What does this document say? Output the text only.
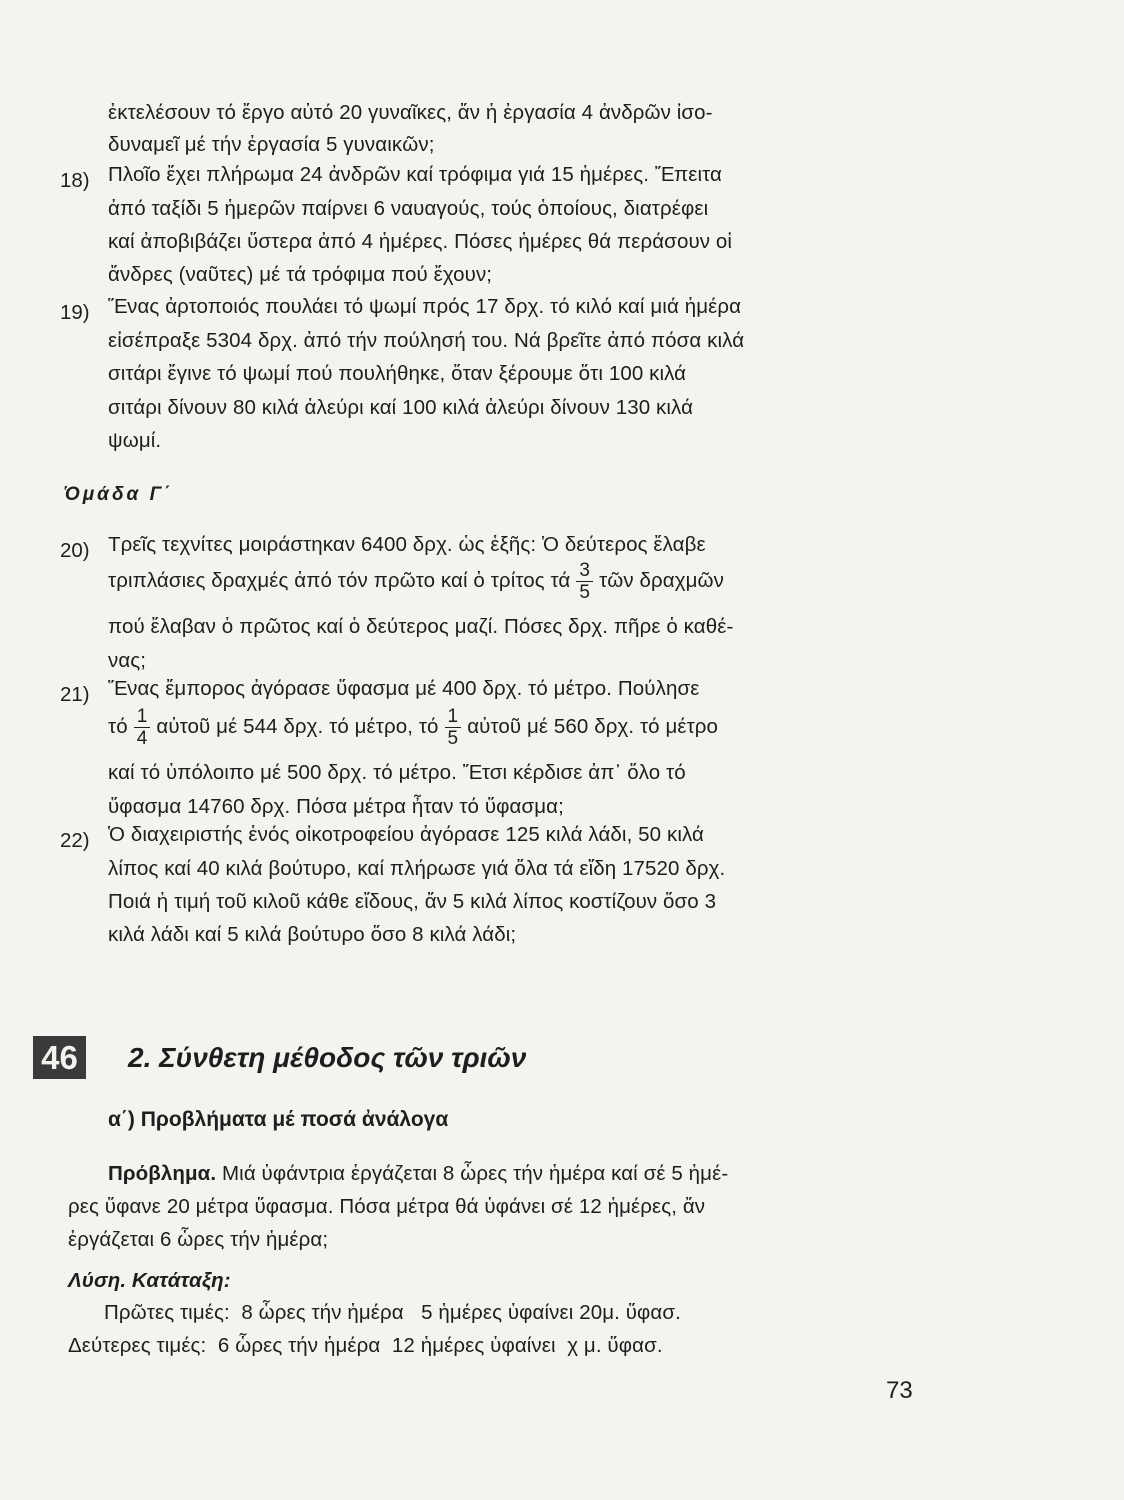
ἐκτελέσουν τό ἔργο αὐτό 20 γυναῖκες, ἄν ἡ ἐργασία 4 ἀνδρῶν ἰσο-
δυναμεῖ μέ τήν ἐργασία 5 γυναικῶν;
18) Πλοῖο ἔχει πλήρωμα 24 ἀνδρῶν καί τρόφιμα γιά 15 ἡμέρες. Ἔπειτα
ἀπό ταξίδι 5 ἡμερῶν παίρνει 6 ναυαγούς, τούς ὁποίους, διατρέφει
καί ἀποβιβάζει ὕστερα ἀπό 4 ἡμέρες. Πόσες ἡμέρες θά περάσουν οἱ
ἄνδρες (ναῦτες) μέ τά τρόφιμα πού ἔχουν;
19) Ἕνας ἀρτοποιός πουλάει τό ψωμί πρός 17 δρχ. τό κιλό καί μιά ἡμέρα
εἰσέπραξε 5304 δρχ. ἀπό τήν πούλησή του. Νά βρεῖτε ἀπό πόσα κιλά
σιτάρι ἔγινε τό ψωμί πού πουλήθηκε, ὅταν ξέρουμε ὅτι 100 κιλά
σιτάρι δίνουν 80 κιλά ἀλεύρι καί 100 κιλά ἀλεύρι δίνουν 130 κιλά
ψωμί.
Ὁμάδα Γ΄
20) Τρεῖς τεχνίτες μοιράστηκαν 6400 δρχ. ὡς ἑξῆς: Ὁ δεύτερος ἔλαβε
τριπλάσιες δραχμές ἀπό τόν πρῶτο καί ὁ τρίτος τά $\frac{3}{5}$ τῶν δραχμῶν
πού ἔλαβαν ὁ πρῶτος καί ὁ δεύτερος μαζί. Πόσες δρχ. πῆρε ὁ καθέ-
νας;
21) Ἕνας ἔμπορος ἀγόρασε ὕφασμα μέ 400 δρχ. τό μέτρο. Πούλησε
τό $\frac{1}{4}$ αὐτοῦ μέ 544 δρχ. τό μέτρο, τό $\frac{1}{5}$ αὐτοῦ μέ 560 δρχ. τό μέτρο
καί τό ὑπόλοιπο μέ 500 δρχ. τό μέτρο. Ἔτσι κέρδισε ἀπ᾿ ὅλο τό
ὕφασμα 14760 δρχ. Πόσα μέτρα ἦταν τό ὕφασμα;
22) Ὁ διαχειριστής ἑνός οἰκοτροφείου ἀγόρασε 125 κιλά λάδι, 50 κιλά
λίπος καί 40 κιλά βούτυρο, καί πλήρωσε γιά ὅλα τά εἴδη 17520 δρχ.
Ποιά ἡ τιμή τοῦ κιλοῦ κάθε εἴδους, ἄν 5 κιλά λίπος κοστίζουν ὅσο 3
κιλά λάδι καί 5 κιλά βούτυρο ὅσο 8 κιλά λάδι;
46 2. Σύνθετη μέθοδος τῶν τριῶν
α΄) Προβλήματα μέ ποσά ἀνάλογα
Πρόβλημα. Μιά ὑφάντρια ἐργάζεται 8 ὧρες τήν ἡμέρα καί σέ 5 ἡμέ-
ρες ὕφανε 20 μέτρα ὕφασμα. Πόσα μέτρα θά ὑφάνει σέ 12 ἡμέρες, ἄν
ἐργάζεται 6 ὧρες τήν ἡμέρα;
Λύση. Κατάταξη:
Πρῶτες τιμές:  8 ὧρες τήν ἡμέρα   5 ἡμέρες ὑφαίνει 20μ. ὕφασ.
Δεύτερες τιμές:  6 ὧρες τήν ἡμέρα  12 ἡμέρες ὑφαίνει  χ μ. ὕφασ.
73
